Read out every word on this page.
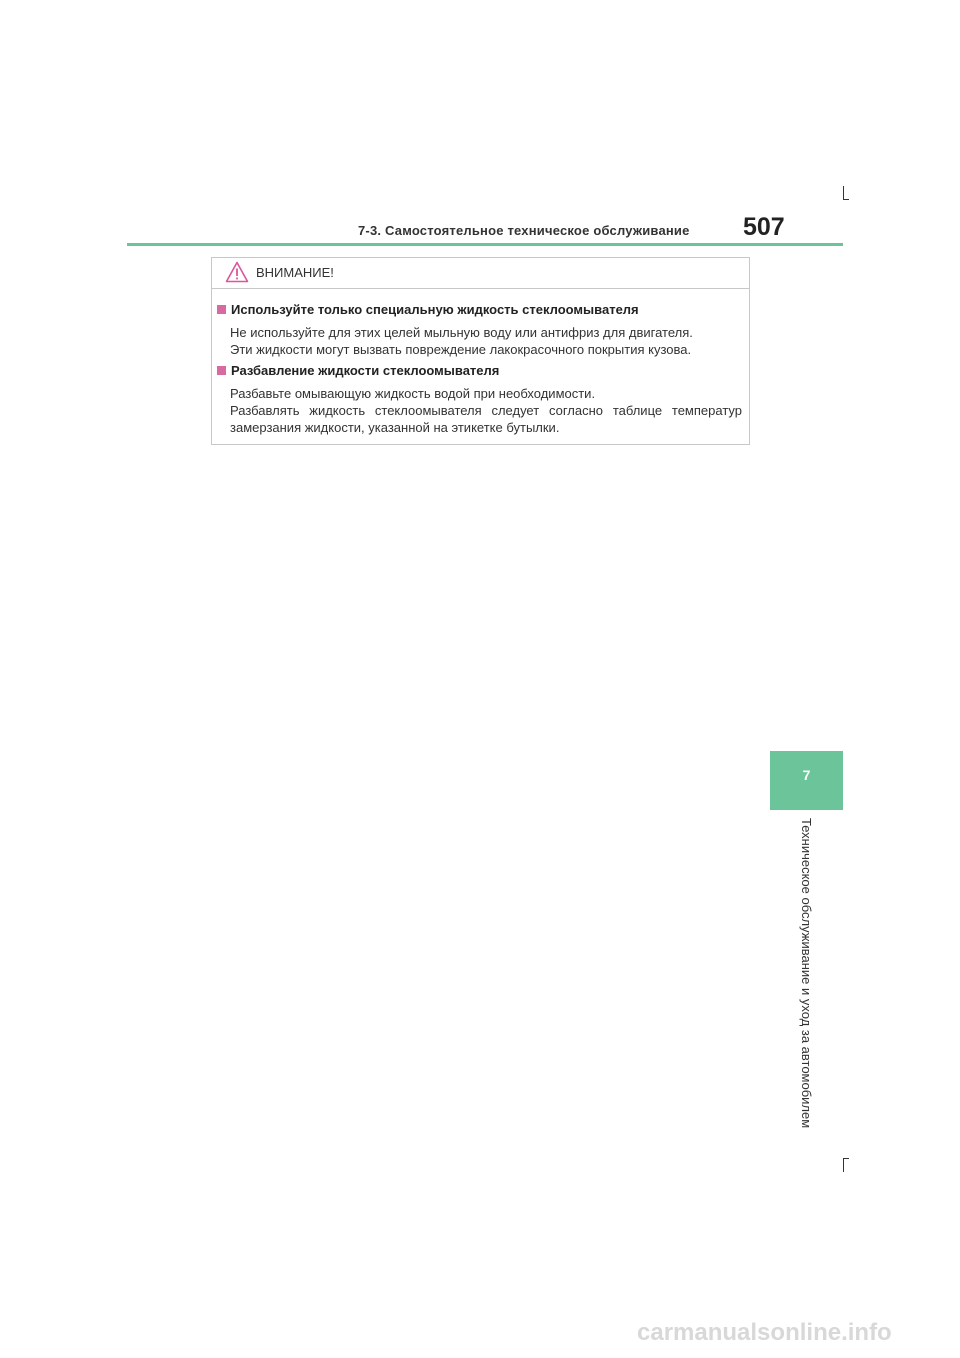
7-3. Самостоятельное техническое обслуживание 507
ВНИМАНИЕ!
Используйте только специальную жидкость стеклоомывателя
Не используйте для этих целей мыльную воду или антифриз для двигателя.
Эти жидкости могут вызвать повреждение лакокрасочного покрытия кузова.
Разбавление жидкости стеклоомывателя
Разбавьте омывающую жидкость водой при необходимости.
Разбавлять жидкость стеклоомывателя следует согласно таблице температур замерзания жидкости, указанной на этикетке бутылки.
7
Техническое обслуживание и уход за автомобилем
carmanualsonline.info
